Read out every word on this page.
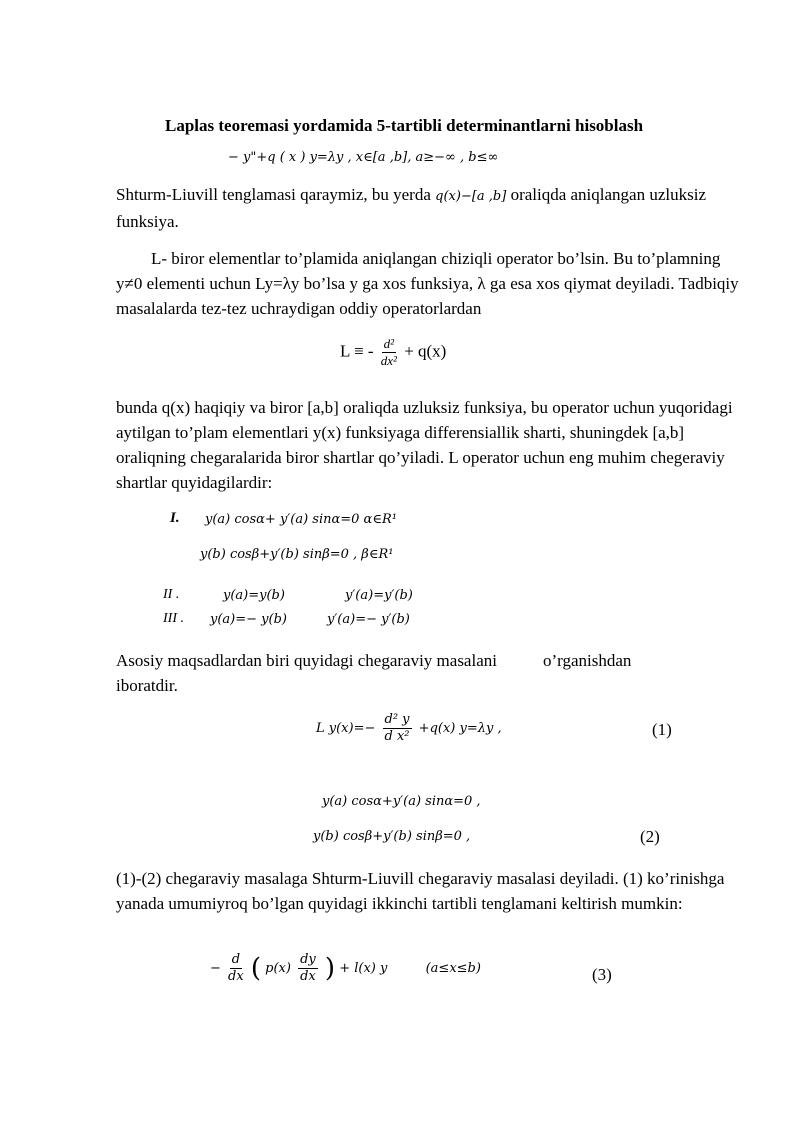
Laplas teoremasi yordamida 5-tartibli determinantlarni hisoblash
− y"+q ( x ) y=λy , x∈[a ,b], a≥−∞ , b≤∞

Shturm-Liuvill tenglamasi qaraymiz, bu yerda q(x)−[a ,b] oraliqda aniqlangan uzluksiz funksiya.

L- biror elementlar to’plamida aniqlangan chiziqli operator bo’lsin. Bu to’plamning y≠0 elementi uchun Ly=λy bo’lsa y ga xos funksiya, λ ga esa xos qiymat deyiladi. Tadbiqiy masalalarda tez-tez uchraydigan oddiy operatorlardan

L ≡ - $\frac{\text{d²}}{\text{dx²}} + q(x)$

bunda q(x) haqiqiy va biror [a,b] oraliqda uzluksiz funksiya, bu operator uchun yuqoridagi aytilgan to’plam elementlari y(x) funksiyaga differensiallik sharti, shuningdek [a,b] oraliqning chegaralarida biror shartlar qo’yiladi. L operator uchun eng muhim chegeraviy shartlar quyidagilardir:

I. y(a) cosα+ y′(a) sinα=0 α∈R¹
y(b) cosβ+y′(b) sinβ=0 , β∈R¹
II .	y(a)=y(b)	y′(a)=y′(b)
III . y(a)=− y(b)	y′(a)=− y′(b)
Asosiy maqsadlardan biri quyidagi chegaraviy masalani	o’rganishdan
iboratdir.
L $y(x)=- \frac{\text{d² y}}{\text{d x²}} +q(x)$ y=λy ,	(1)
y(a) cosα+y′(a) sinα=0 ,
y(b) cosβ+y′(b) sinβ=0 ,	(2)

(1)-(2) chegaraviy masalaga Shturm-Liuvill chegaraviy masalasi deyiladi. (1) ko’rinishga yanada umumiyroq bo’lgan quyidagi ikkinchi tartibli tenglamani keltirish mumkin:

− $\frac{d}{dx}$ ( $p(x) \frac{dy}{dx}$ ) + l(x) y	(a≤x≤b)	(3)
